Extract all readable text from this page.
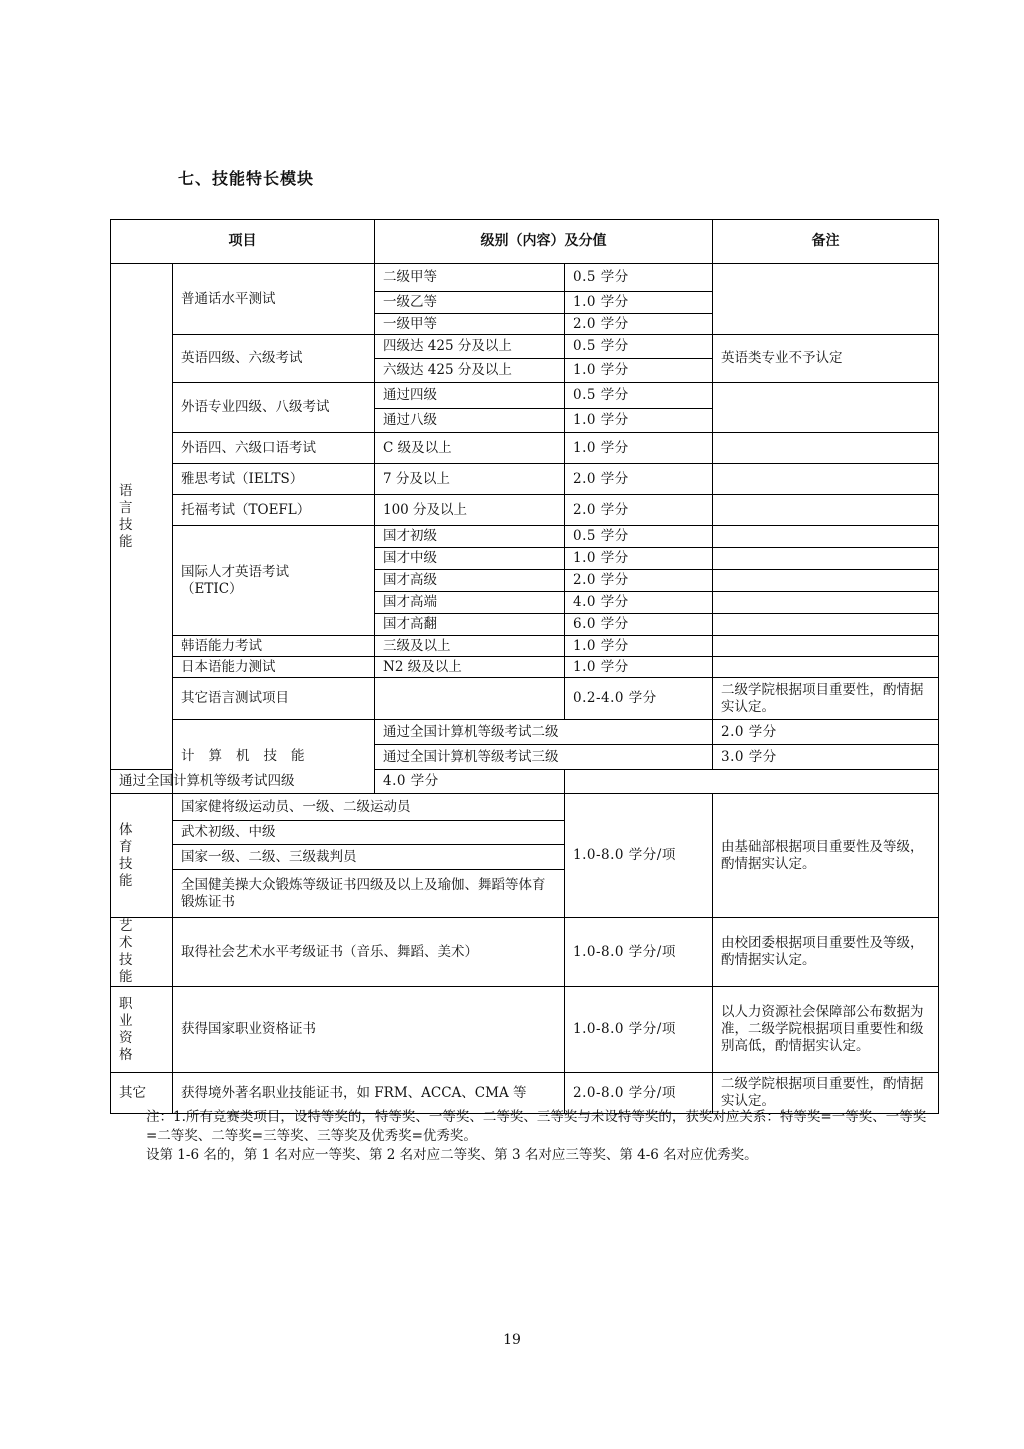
七、技能特长模块
项目		级别（内容）及分值		备注	
语言技能	普通话水平测试	二级甲等	0.5 学分		
		一级乙等	1.0 学分		
		一级甲等	2.0 学分		
	英语四级、六级考试	四级达 425 分及以上	0.5 学分	英语类专业不予认定	
		六级达 425 分及以上	1.0 学分		
	外语专业四级、八级考试	通过四级	0.5 学分		
		通过八级	1.0 学分		
	外语四、六级口语考试	C 级及以上	1.0 学分		
	雅思考试（IELTS）	7 分及以上	2.0 学分		
	托福考试（TOEFL）	100 分及以上	2.0 学分		
	国际人才英语考试
（ETIC）	国才初级	0.5 学分		
		国才中级	1.0 学分		
		国才高级	2.0 学分		
		国才高端	4.0 学分		
		国才高翻	6.0 学分		
	韩语能力考试	三级及以上	1.0 学分		
	日本语能力测试	N2 级及以上	1.0 学分		
	其它语言测试项目		0.2-4.0 学分	二级学院根据项目重要性，酌情据实认定。	
	计算机技能	通过全国计算机等级考试二级		2.0 学分	
		通过全国计算机等级考试三级		3.0 学分	
通过全国计算机等级考试四级		4.0 学分			
体育技能	国家健将级运动员、一级、二级运动员		1.0-8.0 学分/项	由基础部根据项目重要性及等级，酌情据实认定。	
	武术初级、中级				
	国家一级、二级、三级裁判员				
	全国健美操大众锻炼等级证书四级及以上及瑜伽、舞蹈等体育锻炼证书				
艺术技能	取得社会艺术水平考级证书（音乐、舞蹈、美术）		1.0-8.0 学分/项	由校团委根据项目重要性及等级，酌情据实认定。	
职业资格	获得国家职业资格证书		1.0-8.0 学分/项	以人力资源社会保障部公布数据为准，二级学院根据项目重要性和级别高低，酌情据实认定。	
其它	获得境外著名职业技能证书，如 FRM、ACCA、CMA 等		2.0-8.0 学分/项	二级学院根据项目重要性，酌情据实认定。	
注：1.所有竞赛类项目，设特等奖的，特等奖、一等奖、二等奖、三等奖与未设特等奖的，获奖对应关系：特等奖=一等奖、一等奖=二等奖、二等奖=三等奖、三等奖及优秀奖=优秀奖。
设第 1-6 名的，第 1 名对应一等奖、第 2 名对应二等奖、第 3 名对应三等奖、第 4-6 名对应优秀奖。
19
